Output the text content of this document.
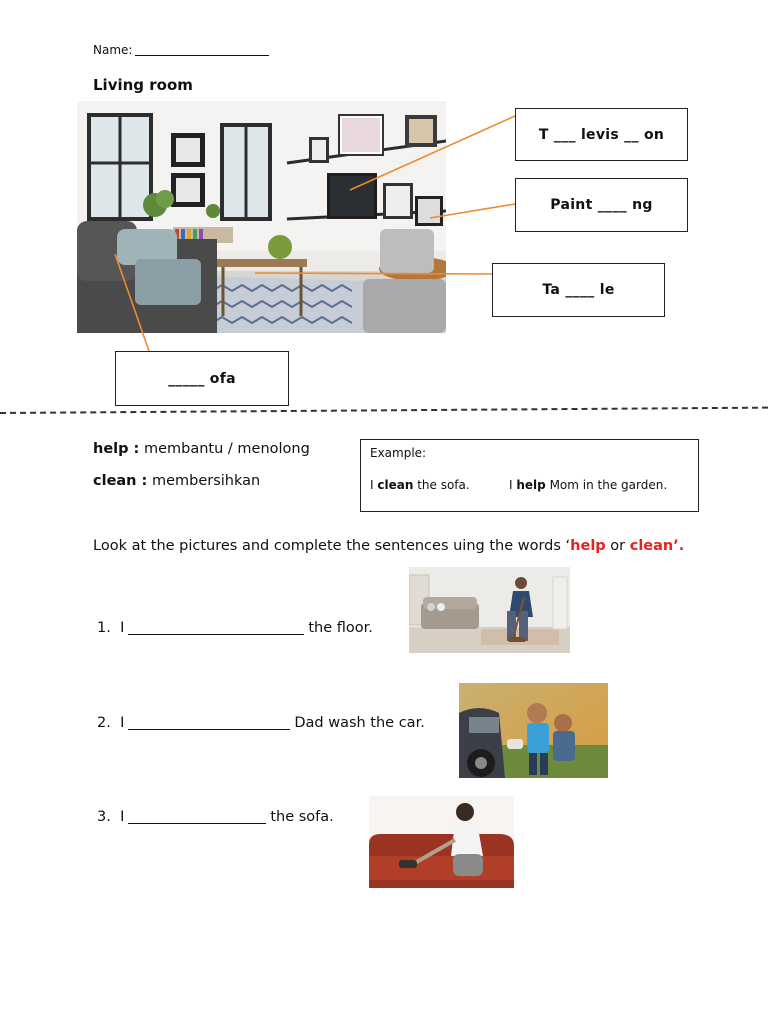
Name:
Living room
T ___ levis __ on
Paint ____ ng
Ta ____ le
_____ ofa
help : membantu / menolong
clean : membersihkan
Example:
I clean the sofa.	I help Mom in the garden.
Look at the pictures and complete the sentences uing the words ‘help or clean’.
1. I	the floor.
2. I	Dad wash the car.
3. I	the sofa.
